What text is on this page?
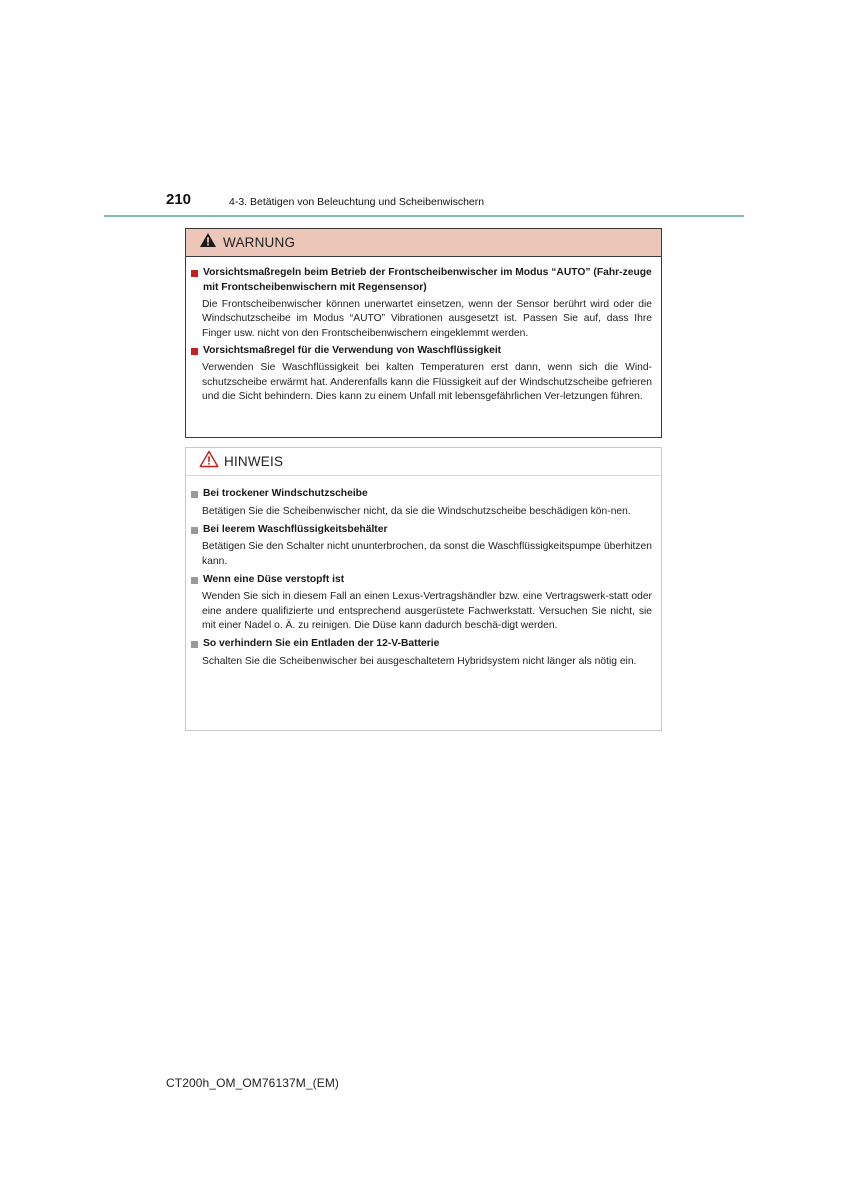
210	4-3. Betätigen von Beleuchtung und Scheibenwischern
WARNUNG
Vorsichtsmaßregeln beim Betrieb der Frontscheibenwischer im Modus “AUTO” (Fahr-zeuge mit Frontscheibenwischern mit Regensensor)
Die Frontscheibenwischer können unerwartet einsetzen, wenn der Sensor berührt wird oder die Windschutzscheibe im Modus “AUTO” Vibrationen ausgesetzt ist. Passen Sie auf, dass Ihre Finger usw. nicht von den Frontscheibenwischern eingeklemmt werden.
Vorsichtsmaßregel für die Verwendung von Waschflüssigkeit
Verwenden Sie Waschflüssigkeit bei kalten Temperaturen erst dann, wenn sich die Wind-schutzscheibe erwärmt hat. Anderenfalls kann die Flüssigkeit auf der Windschutzscheibe gefrieren und die Sicht behindern. Dies kann zu einem Unfall mit lebensgefährlichen Ver-letzungen führen.
HINWEIS
Bei trockener Windschutzscheibe
Betätigen Sie die Scheibenwischer nicht, da sie die Windschutzscheibe beschädigen kön-nen.
Bei leerem Waschflüssigkeitsbehälter
Betätigen Sie den Schalter nicht ununterbrochen, da sonst die Waschflüssigkeitspumpe überhitzen kann.
Wenn eine Düse verstopft ist
Wenden Sie sich in diesem Fall an einen Lexus-Vertragshändler bzw. eine Vertragswerk-statt oder eine andere qualifizierte und entsprechend ausgerüstete Fachwerkstatt. Versuchen Sie nicht, sie mit einer Nadel o. Ä. zu reinigen. Die Düse kann dadurch beschä-digt werden.
So verhindern Sie ein Entladen der 12-V-Batterie
Schalten Sie die Scheibenwischer bei ausgeschaltetem Hybridsystem nicht länger als nötig ein.
CT200h_OM_OM76137M_(EM)
